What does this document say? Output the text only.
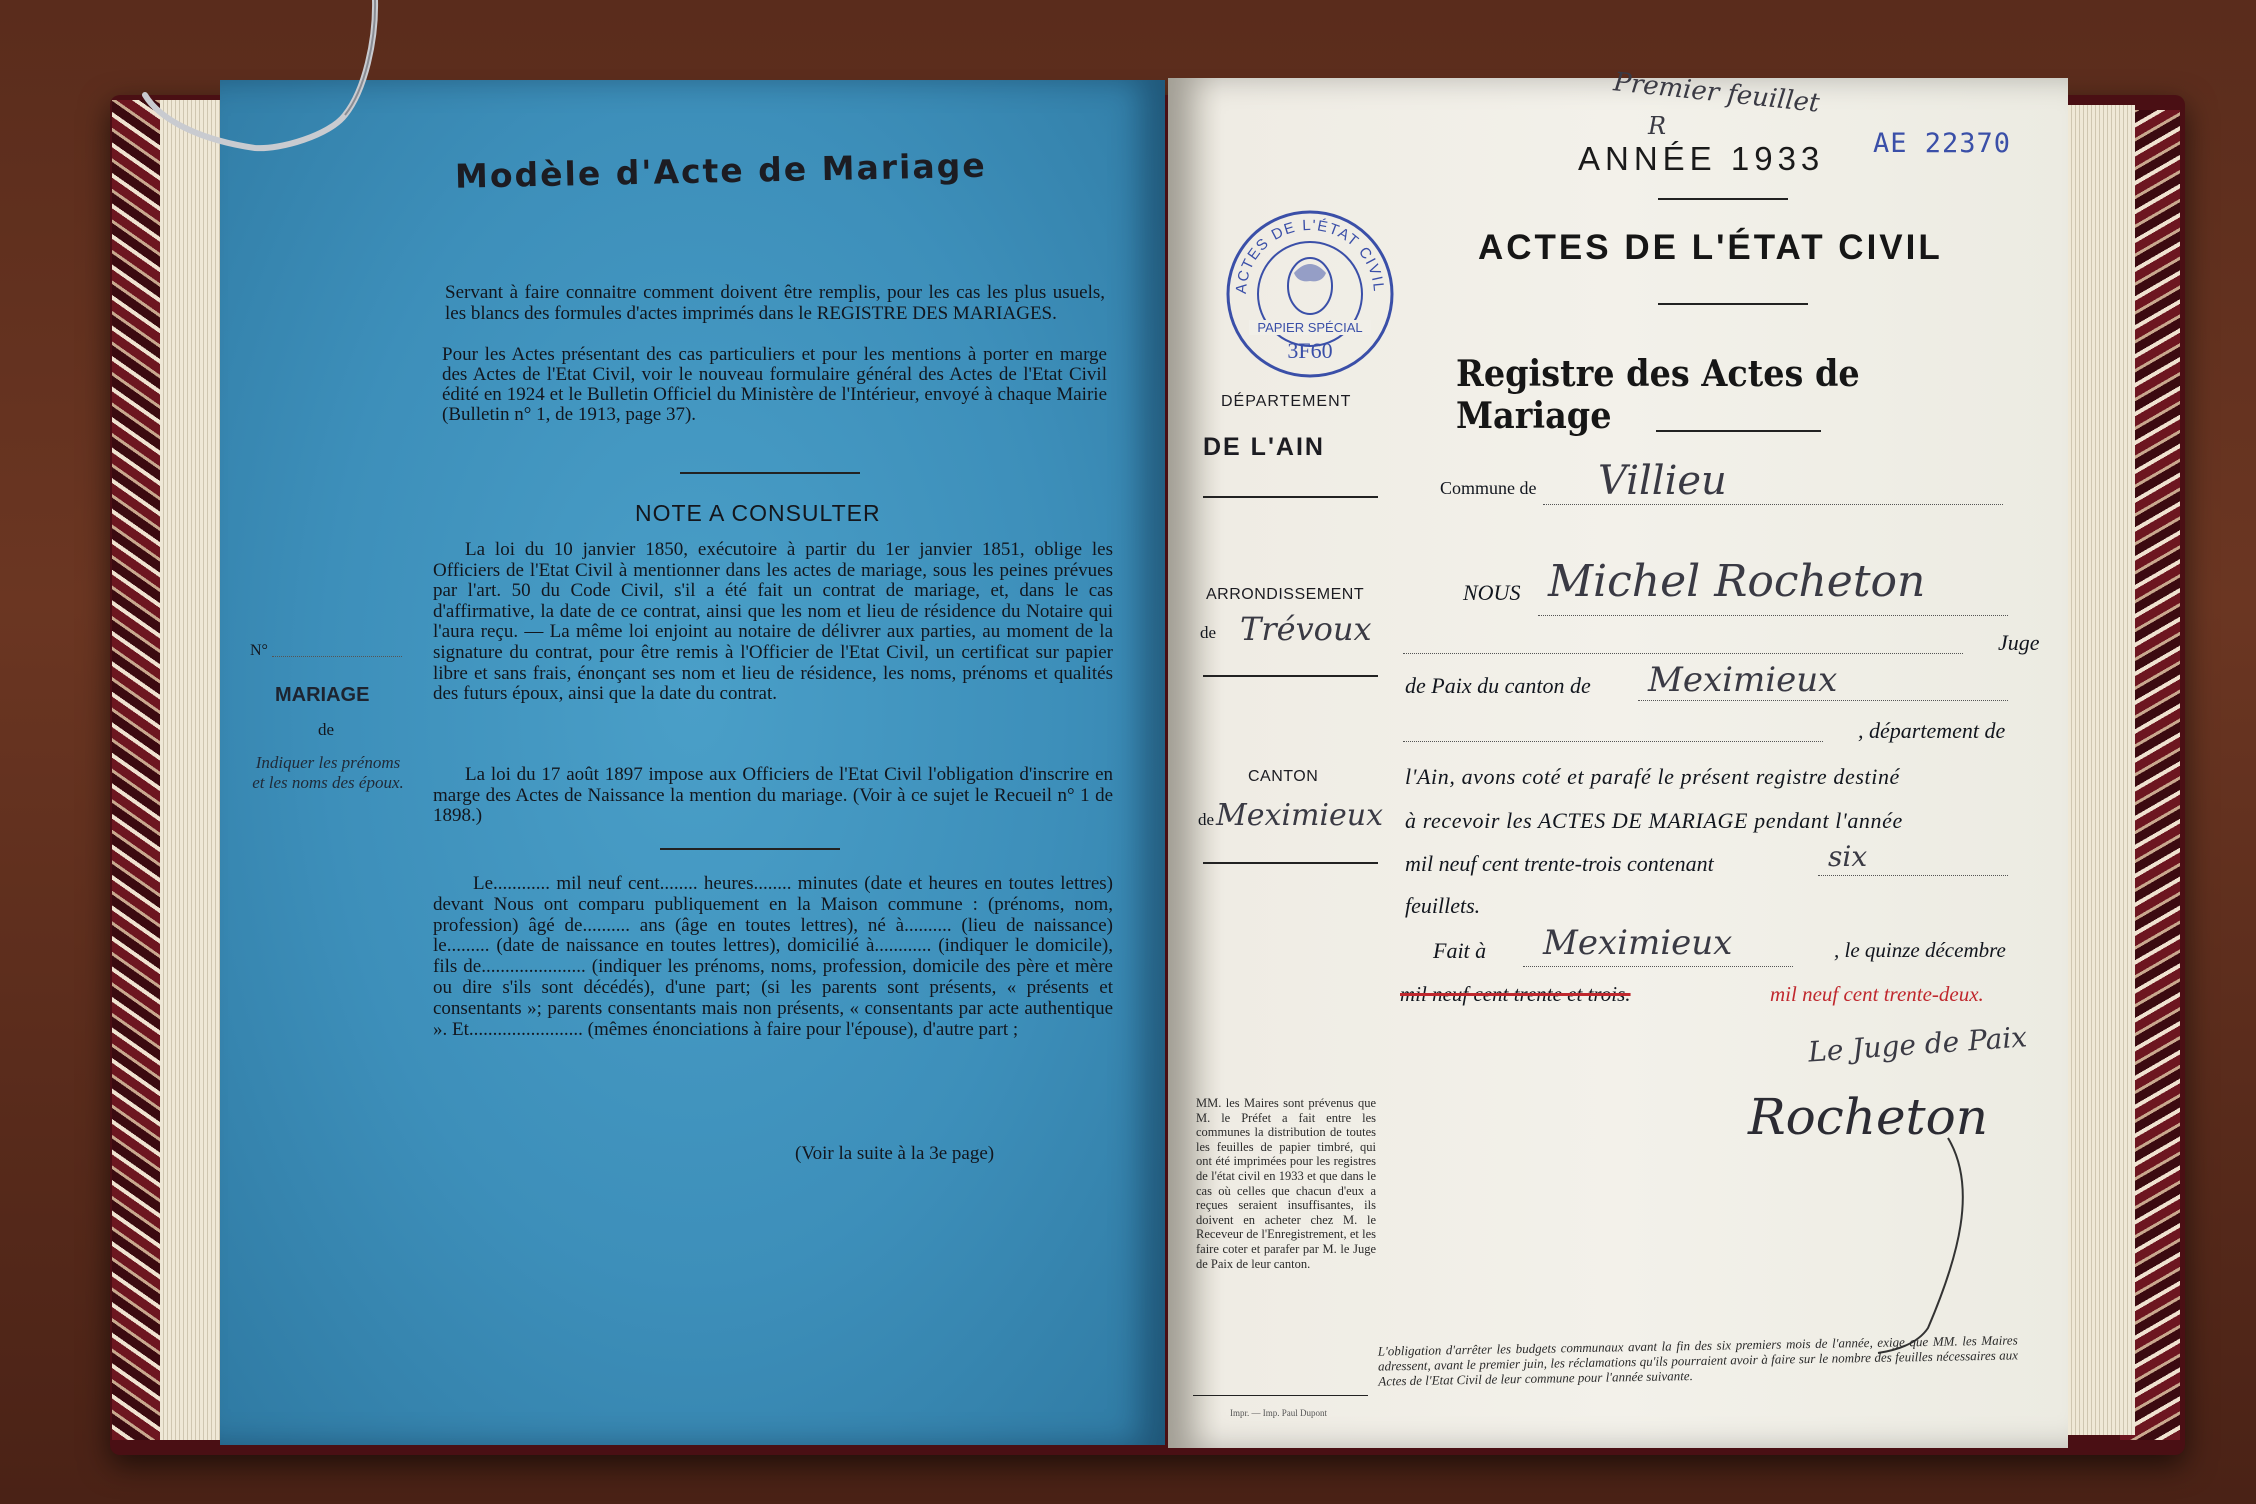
Modèle d'Acte de Mariage
Servant à faire connaitre comment doivent être remplis, pour les cas les plus usuels, les blancs des formules d'actes imprimés dans le REGISTRE DES MARIAGES.
Pour les Actes présentant des cas particuliers et pour les mentions à porter en marge des Actes de l'Etat Civil, voir le nouveau formulaire général des Actes de l'Etat Civil édité en 1924 et le Bulletin Officiel du Ministère de l'Intérieur, envoyé à chaque Mairie (Bulletin n° 1, de 1913, page 37).
NOTE A CONSULTER
La loi du 10 janvier 1850, exécutoire à partir du 1er janvier 1851, oblige les Officiers de l'Etat Civil à mentionner dans les actes de mariage, sous les peines prévues par l'art. 50 du Code Civil, s'il a été fait un contrat de mariage, et, dans le cas d'affirmative, la date de ce contrat, ainsi que les nom et lieu de résidence du Notaire qui l'aura reçu. — La même loi enjoint au notaire de délivrer aux parties, au moment de la signature du contrat, pour être remis à l'Officier de l'Etat Civil, un certificat sur papier libre et sans frais, énonçant ses nom et lieu de résidence, les noms, prénoms et qualités des futurs époux, ainsi que la date du contrat.
La loi du 17 août 1897 impose aux Officiers de l'Etat Civil l'obligation d'inscrire en marge des Actes de Naissance la mention du mariage. (Voir à ce sujet le Recueil n° 1 de 1898.)
N°
MARIAGE
de
Indiquer les prénoms et les noms des époux.
Le............ mil neuf cent........ heures........ minutes (date et heures en toutes lettres) devant Nous ont comparu publiquement en la Maison commune : (prénoms, nom, profession) âgé de.......... ans (âge en toutes lettres), né à.......... (lieu de naissance) le......... (date de naissance en toutes lettres), domicilié à............ (indiquer le domicile), fils de...................... (indiquer les prénoms, noms, profession, domicile des père et mère ou dire s'ils sont décédés), d'une part; (si les parents sont présents, « présents et consentants »; parents consentants mais non présents, « consentants par acte authentique ». Et........................ (mêmes énonciations à faire pour l'épouse), d'autre part ;
(Voir la suite à la 3e page)
Premier feuillet
R
AE 22370
ANNÉE 1933
ACTES DE L'ÉTAT CIVIL
ACTES DE L'ÉTAT CIVIL
PAPIER SPÉCIAL
3F60
Registre des Actes de Mariage
DÉPARTEMENT
DE L'AIN
ARRONDISSEMENT
de Trévoux
CANTON
de Meximieux
Commune de Villieu
NOUS Michel Rocheton
Juge
de Paix du canton de Meximieux
, département de
l'Ain, avons coté et parafé le présent registre destiné
à recevoir les ACTES DE MARIAGE pendant l'année
mil neuf cent trente-trois contenant	six
feuillets.
Fait à Meximieux	, le quinze décembre
mil neuf cent trente et trois.	mil neuf cent trente-deux.
Le Juge de Paix
Rocheton
MM. les Maires sont prévenus que M. le Préfet a fait entre les communes la distribution de toutes les feuilles de papier timbré, qui ont été imprimées pour les registres de l'état civil en 1933 et que dans le cas où celles que chacun d'eux a reçues seraient insuffisantes, ils doivent en acheter chez M. le Receveur de l'Enregistrement, et les faire coter et parafer par M. le Juge de Paix de leur canton.
L'obligation d'arrêter les budgets communaux avant la fin des six premiers mois de l'année, exige que MM. les Maires adressent, avant le premier juin, les réclamations qu'ils pourraient avoir à faire sur le nombre des feuilles nécessaires aux Actes de l'Etat Civil de leur commune pour l'année suivante.
Impr. — Imp. Paul Dupont
